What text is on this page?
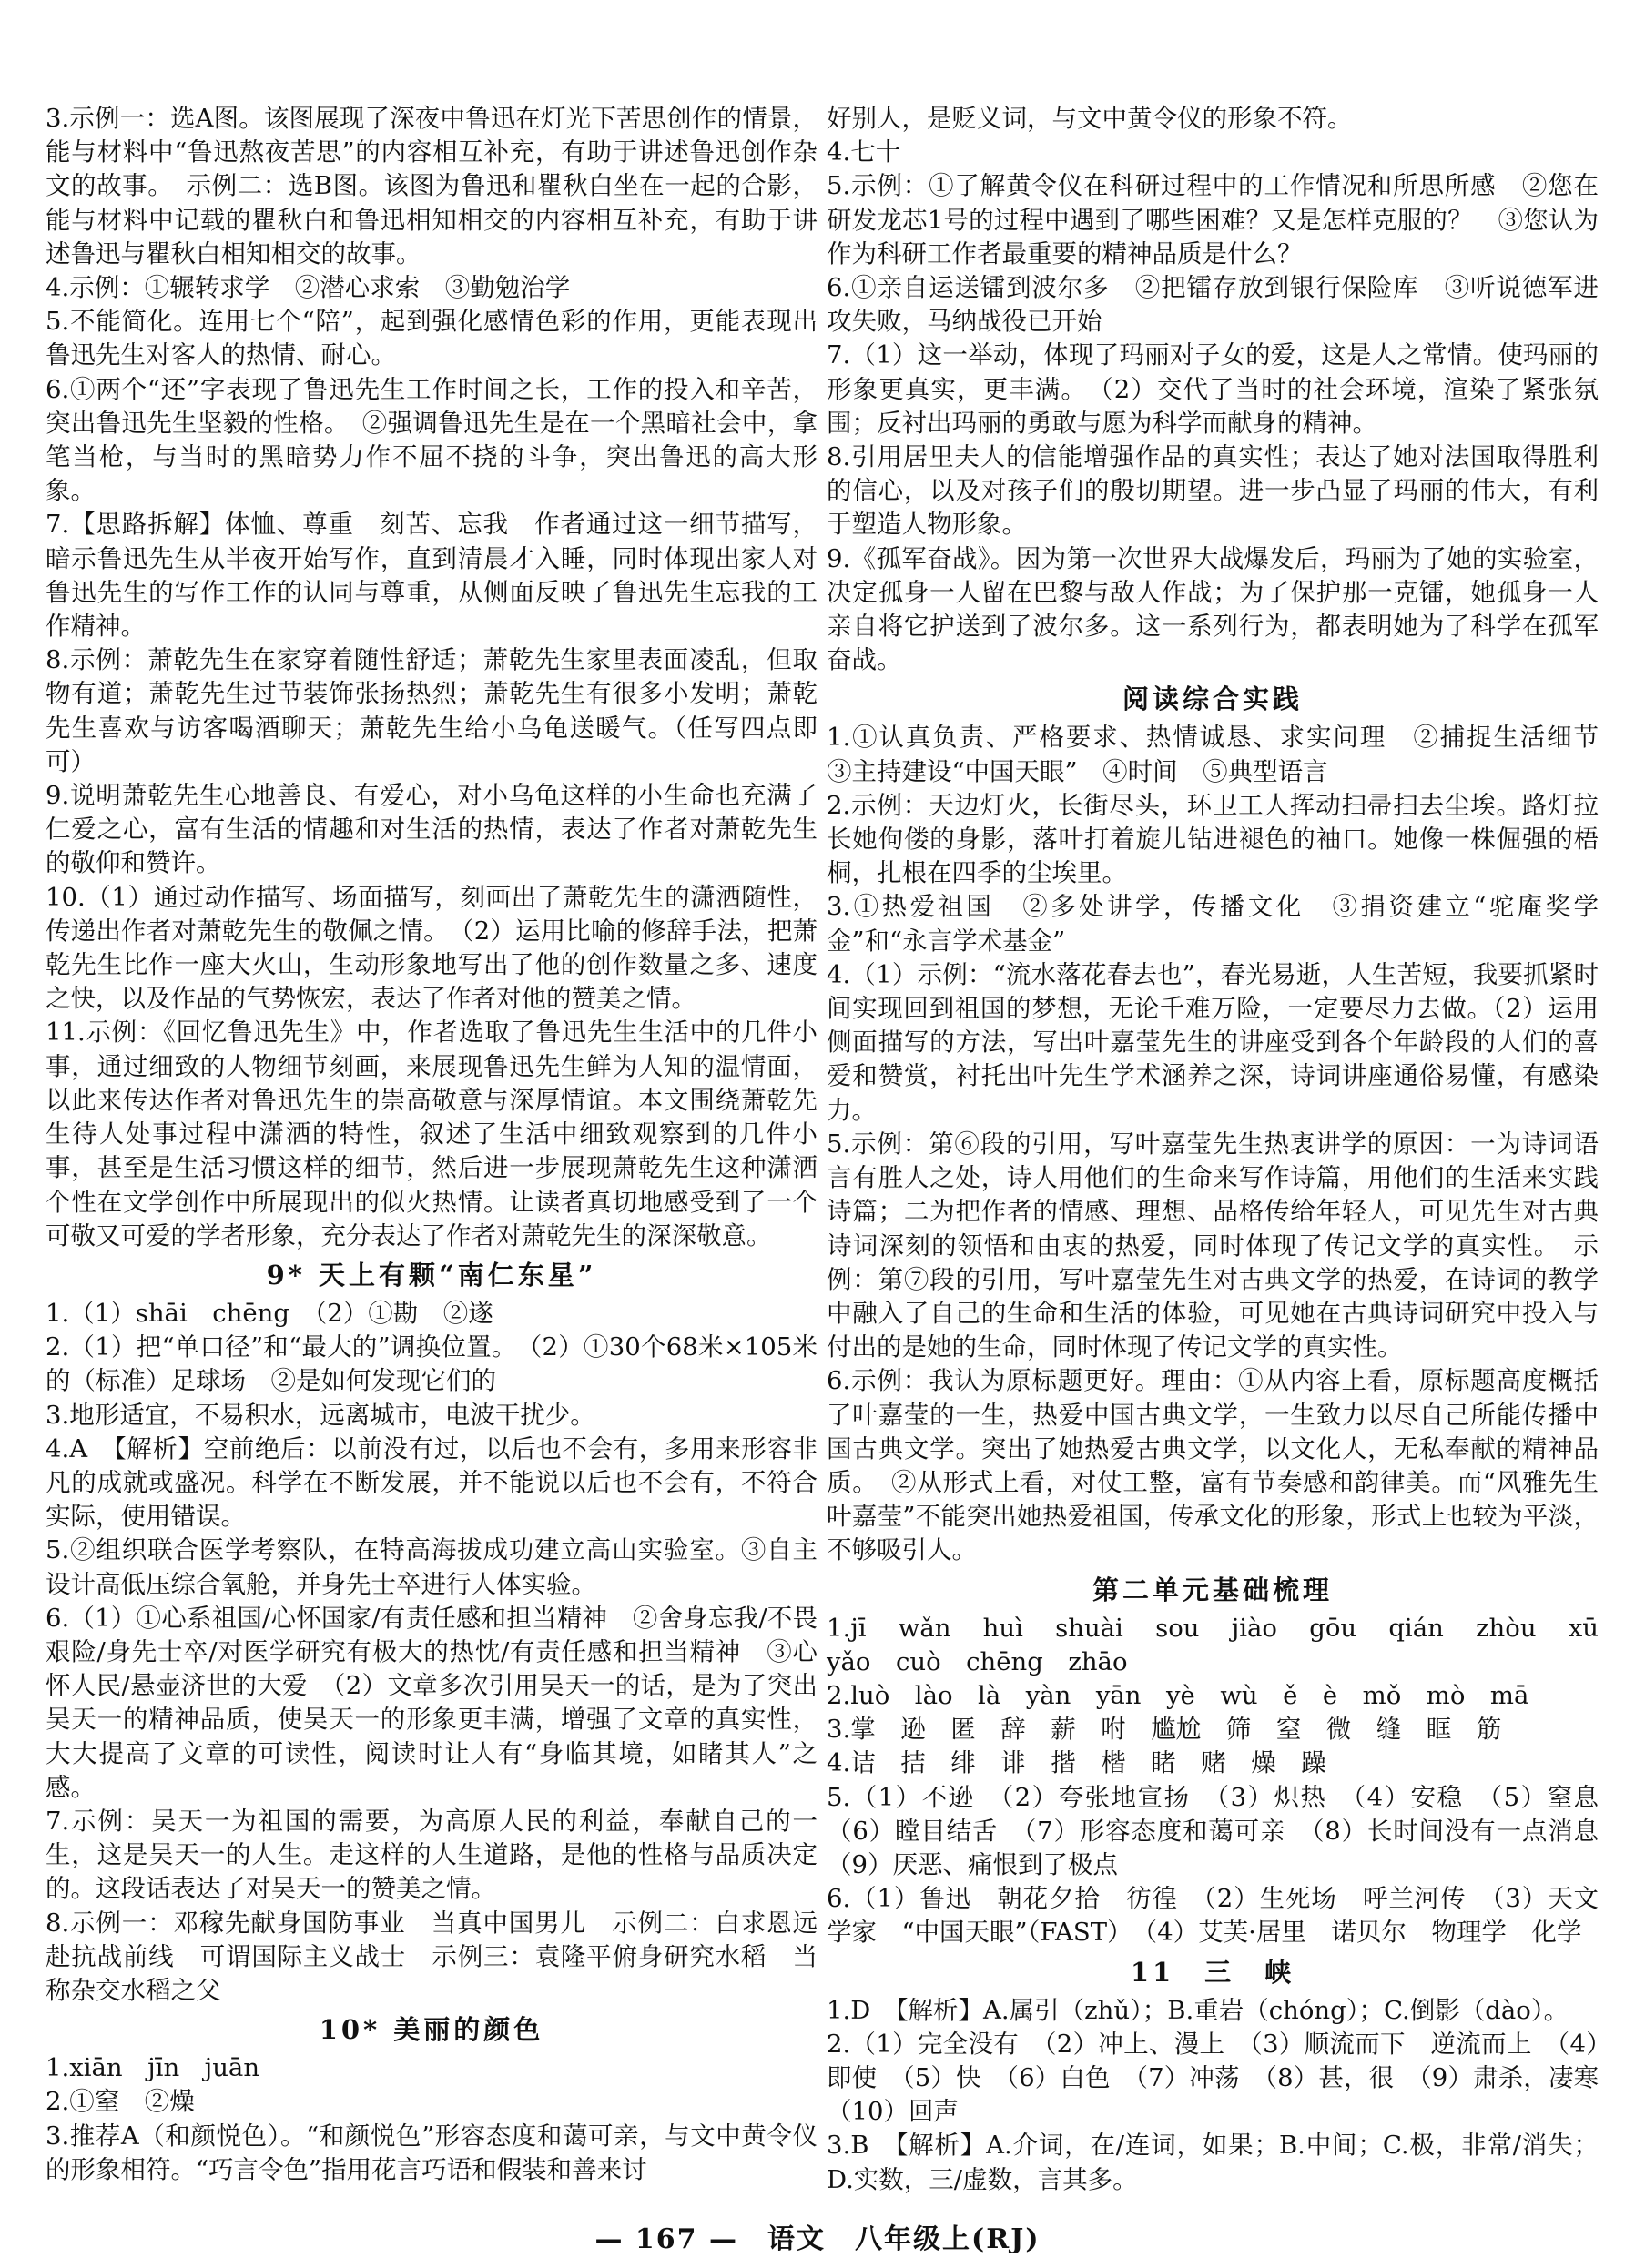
3.示例一：选A图。该图展现了深夜中鲁迅在灯光下苦思创作的情景，能与材料中“鲁迅熬夜苦思”的内容相互补充，有助于讲述鲁迅创作杂文的故事。　示例二：选B图。该图为鲁迅和瞿秋白坐在一起的合影，能与材料中记载的瞿秋白和鲁迅相知相交的内容相互补充，有助于讲述鲁迅与瞿秋白相知相交的故事。

4.示例：①辗转求学　②潜心求索　③勤勉治学

5.不能简化。连用七个“陪”，起到强化感情色彩的作用，更能表现出鲁迅先生对客人的热情、耐心。

6.①两个“还”字表现了鲁迅先生工作时间之长，工作的投入和辛苦，突出鲁迅先生坚毅的性格。　②强调鲁迅先生是在一个黑暗社会中，拿笔当枪，与当时的黑暗势力作不屈不挠的斗争，突出鲁迅的高大形象。

7.【思路拆解】体恤、尊重　刻苦、忘我　作者通过这一细节描写，暗示鲁迅先生从半夜开始写作，直到清晨才入睡，同时体现出家人对鲁迅先生的写作工作的认同与尊重，从侧面反映了鲁迅先生忘我的工作精神。

8.示例：萧乾先生在家穿着随性舒适；萧乾先生家里表面凌乱，但取物有道；萧乾先生过节装饰张扬热烈；萧乾先生有很多小发明；萧乾先生喜欢与访客喝酒聊天；萧乾先生给小乌龟送暖气。（任写四点即可）

9.说明萧乾先生心地善良、有爱心，对小乌龟这样的小生命也充满了仁爱之心，富有生活的情趣和对生活的热情，表达了作者对萧乾先生的敬仰和赞许。

10.（1）通过动作描写、场面描写，刻画出了萧乾先生的潇洒随性，传递出作者对萧乾先生的敬佩之情。　（2）运用比喻的修辞手法，把萧乾先生比作一座大火山，生动形象地写出了他的创作数量之多、速度之快，以及作品的气势恢宏，表达了作者对他的赞美之情。

11.示例：《回忆鲁迅先生》中，作者选取了鲁迅先生生活中的几件小事，通过细致的人物细节刻画，来展现鲁迅先生鲜为人知的温情面，以此来传达作者对鲁迅先生的崇高敬意与深厚情谊。本文围绕萧乾先生待人处事过程中潇洒的特性，叙述了生活中细致观察到的几件小事，甚至是生活习惯这样的细节，然后进一步展现萧乾先生这种潇洒个性在文学创作中所展现出的似火热情。让读者真切地感受到了一个可敬又可爱的学者形象，充分表达了作者对萧乾先生的深深敬意。

9* 天上有颗“南仁东星”

1.（1）shāi　chēng　（2）①勘　②遂

2.（1）把“单口径”和“最大的”调换位置。　（2）①30个68米×105米的（标准）足球场　②是如何发现它们的

3.地形适宜，不易积水，远离城市，电波干扰少。

4.A　【解析】空前绝后：以前没有过，以后也不会有，多用来形容非凡的成就或盛况。科学在不断发展，并不能说以后也不会有，不符合实际，使用错误。

5.②组织联合医学考察队，在特高海拔成功建立高山实验室。③自主设计高低压综合氧舱，并身先士卒进行人体实验。

6.（1）①心系祖国/心怀国家/有责任感和担当精神　②舍身忘我/不畏艰险/身先士卒/对医学研究有极大的热忱/有责任感和担当精神　③心怀人民/悬壶济世的大爱　（2）文章多次引用吴天一的话，是为了突出吴天一的精神品质，使吴天一的形象更丰满，增强了文章的真实性，大大提高了文章的可读性，阅读时让人有“身临其境，如睹其人”之感。

7.示例：吴天一为祖国的需要，为高原人民的利益，奉献自己的一生，这是吴天一的人生。走这样的人生道路，是他的性格与品质决定的。这段话表达了对吴天一的赞美之情。

8.示例一：邓稼先献身国防事业　当真中国男儿　示例二：白求恩远赴抗战前线　可谓国际主义战士　示例三：袁隆平俯身研究水稻　当称杂交水稻之父

10* 美丽的颜色

1.xiān　jīn　juān

2.①窒　②燥

3.推荐A（和颜悦色）。“和颜悦色”形容态度和蔼可亲，与文中黄令仪的形象相符。“巧言令色”指用花言巧语和假装和善来讨

好别人，是贬义词，与文中黄令仪的形象不符。

4.七十

5.示例：①了解黄令仪在科研过程中的工作情况和所思所感　②您在研发龙芯1号的过程中遇到了哪些困难？又是怎样克服的？　③您认为作为科研工作者最重要的精神品质是什么？

6.①亲自运送镭到波尔多　②把镭存放到银行保险库　③听说德军进攻失败，马纳战役已开始

7.（1）这一举动，体现了玛丽对子女的爱，这是人之常情。使玛丽的形象更真实，更丰满。　（2）交代了当时的社会环境，渲染了紧张氛围；反衬出玛丽的勇敢与愿为科学而献身的精神。

8.引用居里夫人的信能增强作品的真实性；表达了她对法国取得胜利的信心，以及对孩子们的殷切期望。进一步凸显了玛丽的伟大，有利于塑造人物形象。

9.《孤军奋战》。因为第一次世界大战爆发后，玛丽为了她的实验室，决定孤身一人留在巴黎与敌人作战；为了保护那一克镭，她孤身一人亲自将它护送到了波尔多。这一系列行为，都表明她为了科学在孤军奋战。

阅读综合实践

1.①认真负责、严格要求、热情诚恳、求实问理　②捕捉生活细节　③主持建设“中国天眼”　④时间　⑤典型语言

2.示例：天边灯火，长街尽头，环卫工人挥动扫帚扫去尘埃。路灯拉长她佝偻的身影，落叶打着旋儿钻进褪色的袖口。她像一株倔强的梧桐，扎根在四季的尘埃里。

3.①热爱祖国　②多处讲学，传播文化　③捐资建立“驼庵奖学金”和“永言学术基金”

4.（1）示例：“流水落花春去也”，春光易逝，人生苦短，我要抓紧时间实现回到祖国的梦想，无论千难万险，一定要尽力去做。（2）运用侧面描写的方法，写出叶嘉莹先生的讲座受到各个年龄段的人们的喜爱和赞赏，衬托出叶先生学术涵养之深，诗词讲座通俗易懂，有感染力。

5.示例：第⑥段的引用，写叶嘉莹先生热衷讲学的原因：一为诗词语言有胜人之处，诗人用他们的生命来写作诗篇，用他们的生活来实践诗篇；二为把作者的情感、理想、品格传给年轻人，可见先生对古典诗词深刻的领悟和由衷的热爱，同时体现了传记文学的真实性。　示例：第⑦段的引用，写叶嘉莹先生对古典文学的热爱，在诗词的教学中融入了自己的生命和生活的体验，可见她在古典诗词研究中投入与付出的是她的生命，同时体现了传记文学的真实性。

6.示例：我认为原标题更好。理由：①从内容上看，原标题高度概括了叶嘉莹的一生，热爱中国古典文学，一生致力以尽自己所能传播中国古典文学。突出了她热爱古典文学，以文化人，无私奉献的精神品质。　②从形式上看，对仗工整，富有节奏感和韵律美。而“风雅先生叶嘉莹”不能突出她热爱祖国，传承文化的形象，形式上也较为平淡，不够吸引人。

第二单元基础梳理

1.jī　wǎn　huì　shuài　sou　jiào　gōu　qián　zhòu　xū　yǎo　cuò　chēng　zhāo

2.luò　lào　là　yàn　yān　yè　wù　ě　è　mǒ　mò　mā

3.掌　逊　匿　辞　薪　咐　尴尬　筛　窒　微　缝　眶　筋

4.诘　拮　绯　诽　揩　楷　睹　赌　燥　躁

5.（1）不逊　（2）夸张地宣扬　（3）炽热　（4）安稳　（5）窒息　（6）瞠目结舌　（7）形容态度和蔼可亲　（8）长时间没有一点消息　（9）厌恶、痛恨到了极点

6.（1）鲁迅　朝花夕拾　彷徨　（2）生死场　呼兰河传　（3）天文学家　“中国天眼”（FAST）　（4）艾芙·居里　诺贝尔　物理学　化学

11　三　峡

1.D　【解析】A.属引（zhǔ）；B.重岩（chóng）；C.倒影（dào）。

2.（1）完全没有　（2）冲上、漫上　（3）顺流而下　逆流而上　（4）即使　（5）快　（6）白色　（7）冲荡　（8）甚，很　（9）肃杀，凄寒　（10）回声

3.B　【解析】A.介词，在/连词，如果；B.中间；C.极，非常/消失；D.实数，三/虚数，言其多。

— 167 —　语文　八年级上(RJ)
